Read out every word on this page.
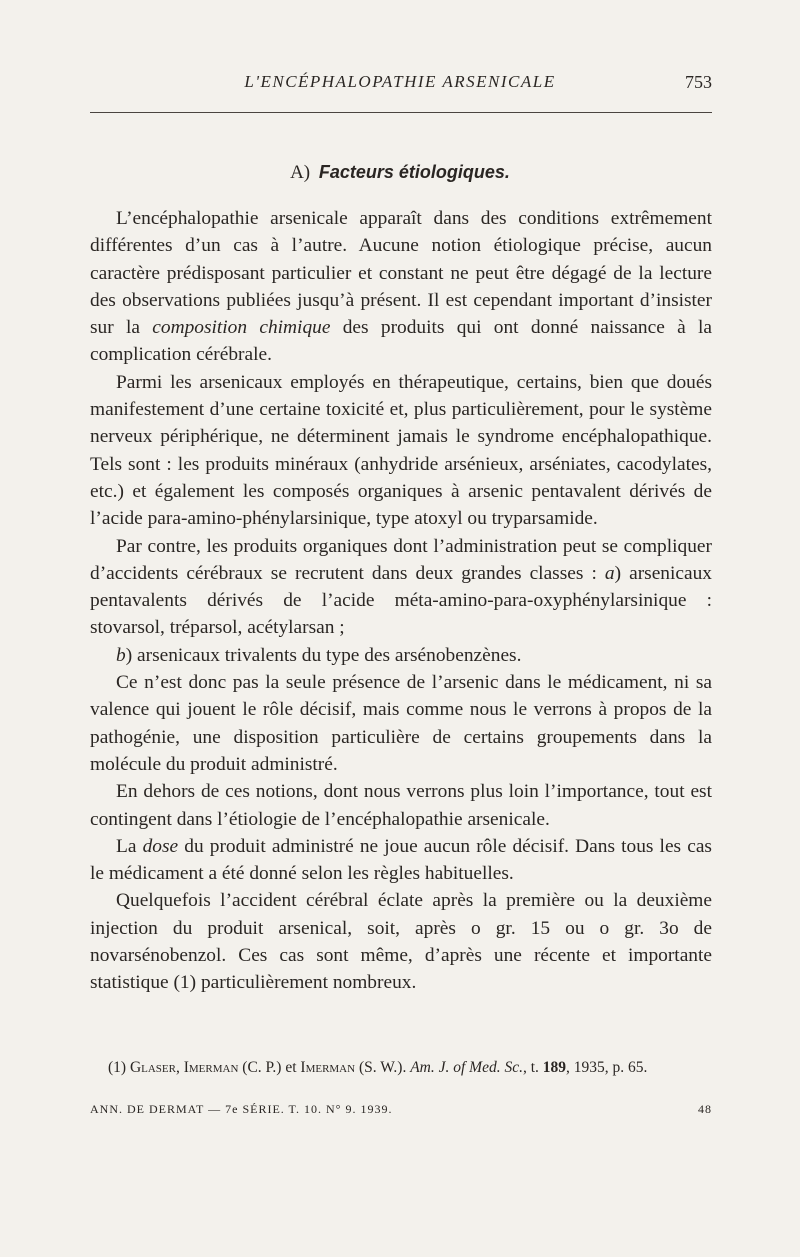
L'ENCÉPHALOPATHIE ARSENICALE	753
A) Facteurs étiologiques.

L’encéphalopathie arsenicale apparaît dans des conditions extrêmement différentes d’un cas à l’autre. Aucune notion étiologique précise, aucun caractère prédisposant particulier et constant ne peut être dégagé de la lecture des observations publiées jusqu’à présent. Il est cependant important d’insister sur la composition chimique des produits qui ont donné naissance à la complication cérébrale.

Parmi les arsenicaux employés en thérapeutique, certains, bien que doués manifestement d’une certaine toxicité et, plus particulièrement, pour le système nerveux périphérique, ne déterminent jamais le syndrome encéphalopathique. Tels sont : les produits minéraux (anhydride arsénieux, arséniates, cacodylates, etc.) et également les composés organiques à arsenic pentavalent dérivés de l’acide para-amino-phénylarsinique, type atoxyl ou tryparsamide.

Par contre, les produits organiques dont l’administration peut se compliquer d’accidents cérébraux se recrutent dans deux grandes classes : a) arsenicaux pentavalents dérivés de l’acide méta-amino-para-oxyphénylarsinique : stovarsol, tréparsol, acétylarsan ;

b) arsenicaux trivalents du type des arsénobenzènes.

Ce n’est donc pas la seule présence de l’arsenic dans le médicament, ni sa valence qui jouent le rôle décisif, mais comme nous le verrons à propos de la pathogénie, une disposition particulière de certains groupements dans la molécule du produit administré.

En dehors de ces notions, dont nous verrons plus loin l’importance, tout est contingent dans l’étiologie de l’encéphalopathie arsenicale.

La dose du produit administré ne joue aucun rôle décisif. Dans tous les cas le médicament a été donné selon les règles habituelles.

Quelquefois l’accident cérébral éclate après la première ou la deuxième injection du produit arsenical, soit, après o gr. 15 ou o gr. 3o de novarsénobenzol. Ces cas sont même, d’après une récente et importante statistique (1) particulièrement nombreux.

(1) Glaser, Imerman (C. P.) et Imerman (S. W.). Am. J. of Med. Sc., t. 189, 1935, p. 65.
ANN. DE DERMAT — 7e SÉRIE. T. 10. N° 9. 1939.	48
